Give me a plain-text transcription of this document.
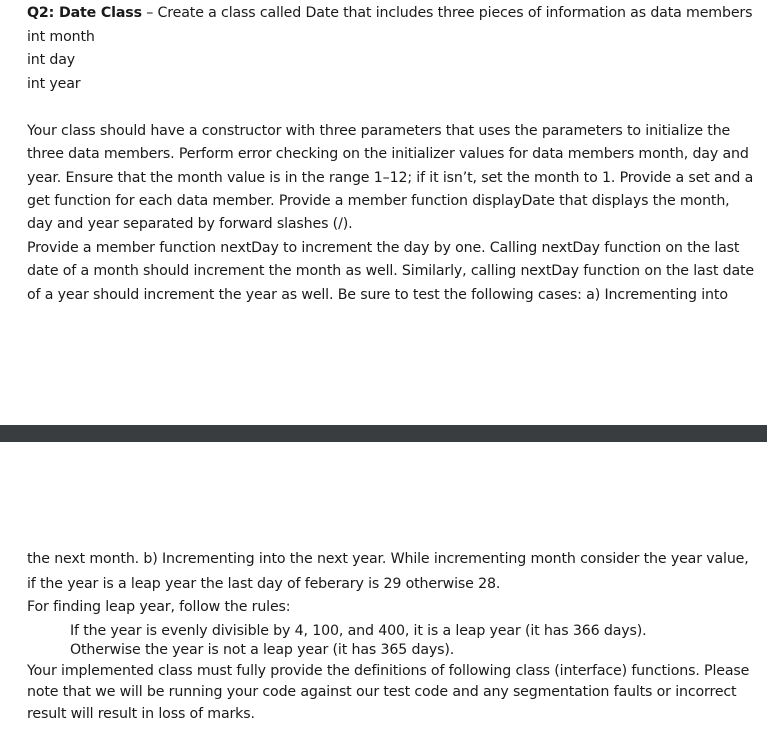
Q2: Date Class – Create a class called Date that includes three pieces of information as data members
int month
int day
int year
Your class should have a constructor with three parameters that uses the parameters to initialize the
three data members. Perform error checking on the initializer values for data members month, day and
year. Ensure that the month value is in the range 1–12; if it isn’t, set the month to 1. Provide a set and a
get function for each data member. Provide a member function displayDate that displays the month,
day and year separated by forward slashes (/).
Provide a member function nextDay to increment the day by one. Calling nextDay function on the last
date of a month should increment the month as well. Similarly, calling nextDay function on the last date
of a year should increment the year as well. Be sure to test the following cases: a) Incrementing into
the next month. b) Incrementing into the next year. While incrementing month consider the year value,
if the year is a leap year the last day of feberary is 29 otherwise 28.
For finding leap year, follow the rules:
If the year is evenly divisible by 4, 100, and 400, it is a leap year (it has 366 days).
Otherwise the year is not a leap year (it has 365 days).
Your implemented class must fully provide the definitions of following class (interface) functions. Please
note that we will be running your code against our test code and any segmentation faults or incorrect
result will result in loss of marks.
